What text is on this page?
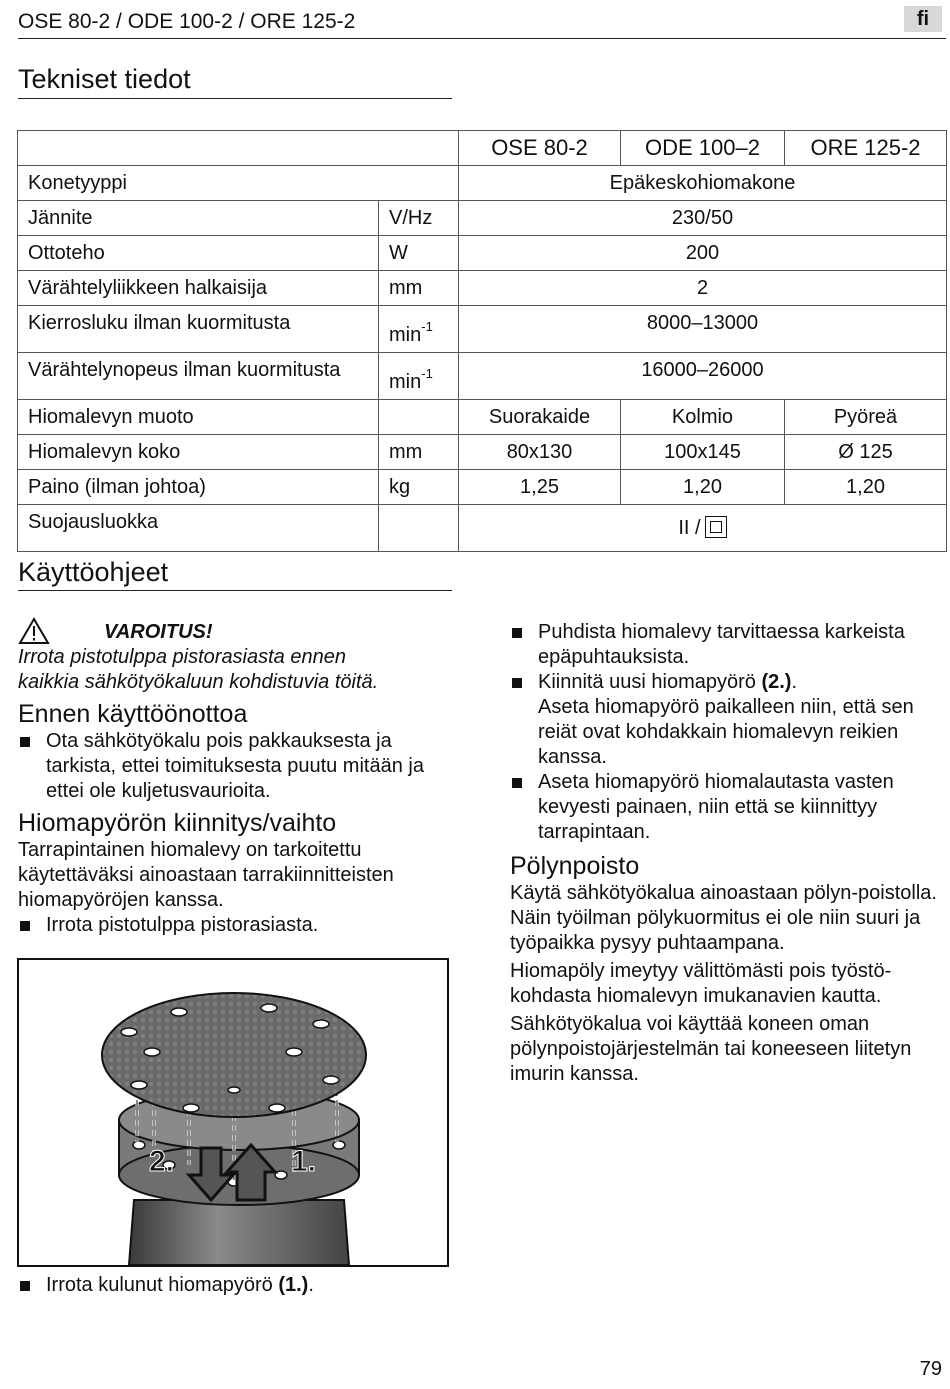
OSE 80-2 / ODE 100-2 / ORE 125-2	fi
Tekniset tiedot
		OSE 80-2	ODE 100–2	ORE 125-2
Konetyyppi		Epäkeskohiomakone		
Jännite	V/Hz	230/50		
Ottoteho	W	200		
Värähtelyliikkeen halkaisija	mm	2		
Kierrosluku ilman kuormitusta	$\min^{-1}$	8000–13000		
Värähtelynopeus ilman kuormitusta	$\min^{-1}$	16000–26000		
Hiomalevyn muoto		Suorakaide	Kolmio	Pyöreä
Hiomalevyn koko	mm	80x130	100x145	Ø 125
Paino (ilman johtoa)	kg	1,25	1,20	1,20
Suojausluokka		II /		
Käyttöohjeet
VAROITUS!
Irrota pistotulppa pistorasiasta ennen
kaikkia sähkötyökaluun kohdistuvia töitä.
Ennen käyttöönottoa
Ota sähkötyökalu pois pakkauksesta ja tarkista, ettei toimituksesta puutu mitään ja ettei ole kuljetusvaurioita.
Hiomapyörön kiinnitys/vaihto
Tarrapintainen hiomalevy on tarkoitettu käytettäväksi ainoastaan tarrakiinnitteisten hiomapyöröjen kanssa.
Irrota pistotulppa pistorasiasta.
2.	1.
Irrota kulunut hiomapyörö (1.).
Puhdista hiomalevy tarvittaessa karkeista epäpuhtauksista.
Kiinnitä uusi hiomapyörö (2.).
Aseta hiomapyörö paikalleen niin, että sen reiät ovat kohdakkain hiomalevyn reikien kanssa.
Aseta hiomapyörö hiomalautasta vasten kevyesti painaen, niin että se kiinnittyy tarrapintaan.
Pölynpoisto
Käytä sähkötyökalua ainoastaan pölyn-poistolla. Näin työilman pölykuormitus ei ole niin suuri ja työpaikka pysyy puhtaampana.
Hiomapöly imeytyy välittömästi pois työstö-kohdasta hiomalevyn imukanavien kautta.
Sähkötyökalua voi käyttää koneen oman pölynpoistojärjestelmän tai koneeseen liitetyn imurin kanssa.
79
